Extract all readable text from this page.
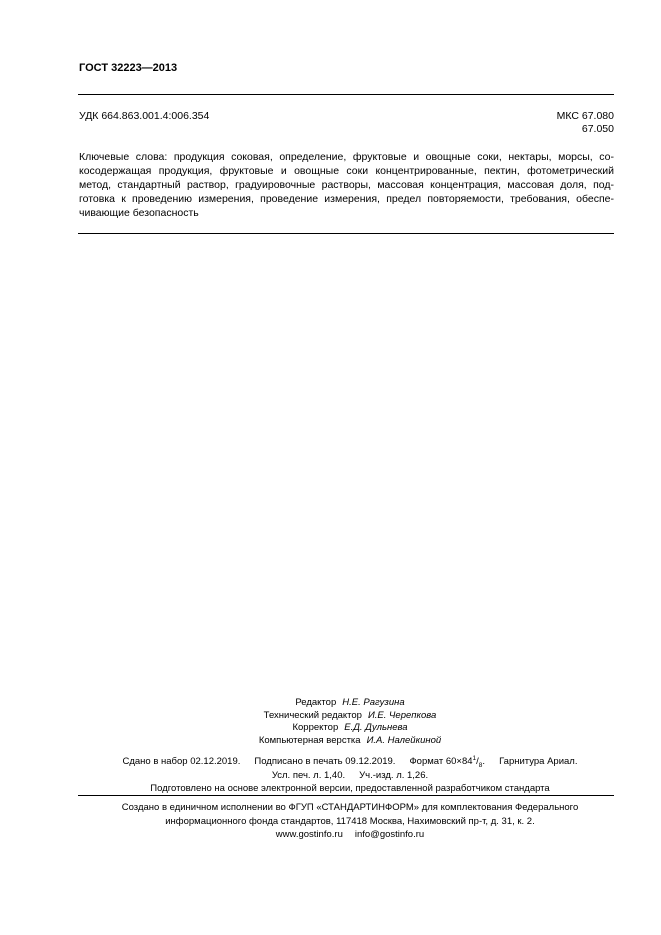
ГОСТ 32223—2013
УДК 664.863.001.4:006.354	МКС 67.080
67.050
Ключевые слова: продукция соковая, определение, фруктовые и овощные соки, нектары, морсы, со-
косодержащая продукция, фруктовые и овощные соки концентрированные, пектин, фотометрический
метод, стандартный раствор, градуировочные растворы, массовая концентрация, массовая доля, под-
готовка к проведению измерения, проведение измерения, предел повторяемости, требования, обеспе-
чивающие безопасность
Редактор Н.Е. Рагузина
Технический редактор И.Е. Черепкова
Корректор Е.Д. Дульнева
Компьютерная верстка И.А. Налейкиной
Сдано в набор 02.12.2019. Подписано в печать 09.12.2019. Формат $60\times 84^1/_8$. Гарнитура Ариал.
Усл. печ. л. 1,40. Уч.-изд. л. 1,26.
Подготовлено на основе электронной версии, предоставленной разработчиком стандарта
Создано в единичном исполнении во ФГУП «СТАНДАРТИНФОРМ» для комплектования Федерального
информационного фонда стандартов, 117418 Москва, Нахимовский пр-т, д. 31, к. 2.
www.gostinfo.ru info@gostinfo.ru
